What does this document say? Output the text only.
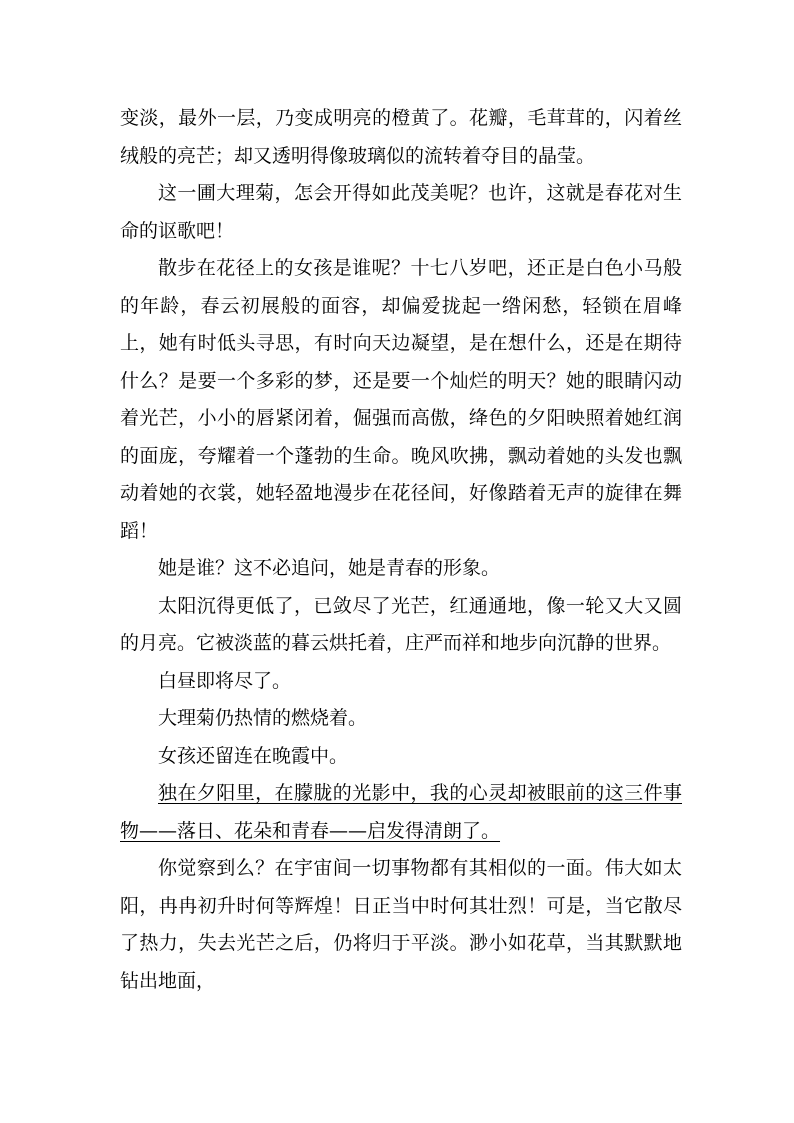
变淡，最外一层，乃变成明亮的橙黄了。花瓣，毛茸茸的，闪着丝绒般的亮芒；却又透明得像玻璃似的流转着夺目的晶莹。

这一圃大理菊，怎会开得如此茂美呢？也许，这就是春花对生命的讴歌吧！

散步在花径上的女孩是谁呢？十七八岁吧，还正是白色小马般的年龄，春云初展般的面容，却偏爱拢起一绺闲愁，轻锁在眉峰上，她有时低头寻思，有时向天边凝望，是在想什么，还是在期待什么？是要一个多彩的梦，还是要一个灿烂的明天？她的眼睛闪动着光芒，小小的唇紧闭着，倔强而高傲，绛色的夕阳映照着她红润的面庞，夸耀着一个蓬勃的生命。晚风吹拂，飘动着她的头发也飘动着她的衣裳，她轻盈地漫步在花径间，好像踏着无声的旋律在舞蹈！

她是谁？这不必追问，她是青春的形象。

太阳沉得更低了，已敛尽了光芒，红通通地，像一轮又大又圆的月亮。它被淡蓝的暮云烘托着，庄严而祥和地步向沉静的世界。

白昼即将尽了。

大理菊仍热情的燃烧着。

女孩还留连在晚霞中。

独在夕阳里，在朦胧的光影中，我的心灵却被眼前的这三件事物——落日、花朵和青春——启发得清朗了。

你觉察到么？在宇宙间一切事物都有其相似的一面。伟大如太阳，冉冉初升时何等辉煌！日正当中时何其壮烈！可是，当它散尽了热力，失去光芒之后，仍将归于平淡。渺小如花草，当其默默地钻出地面，
